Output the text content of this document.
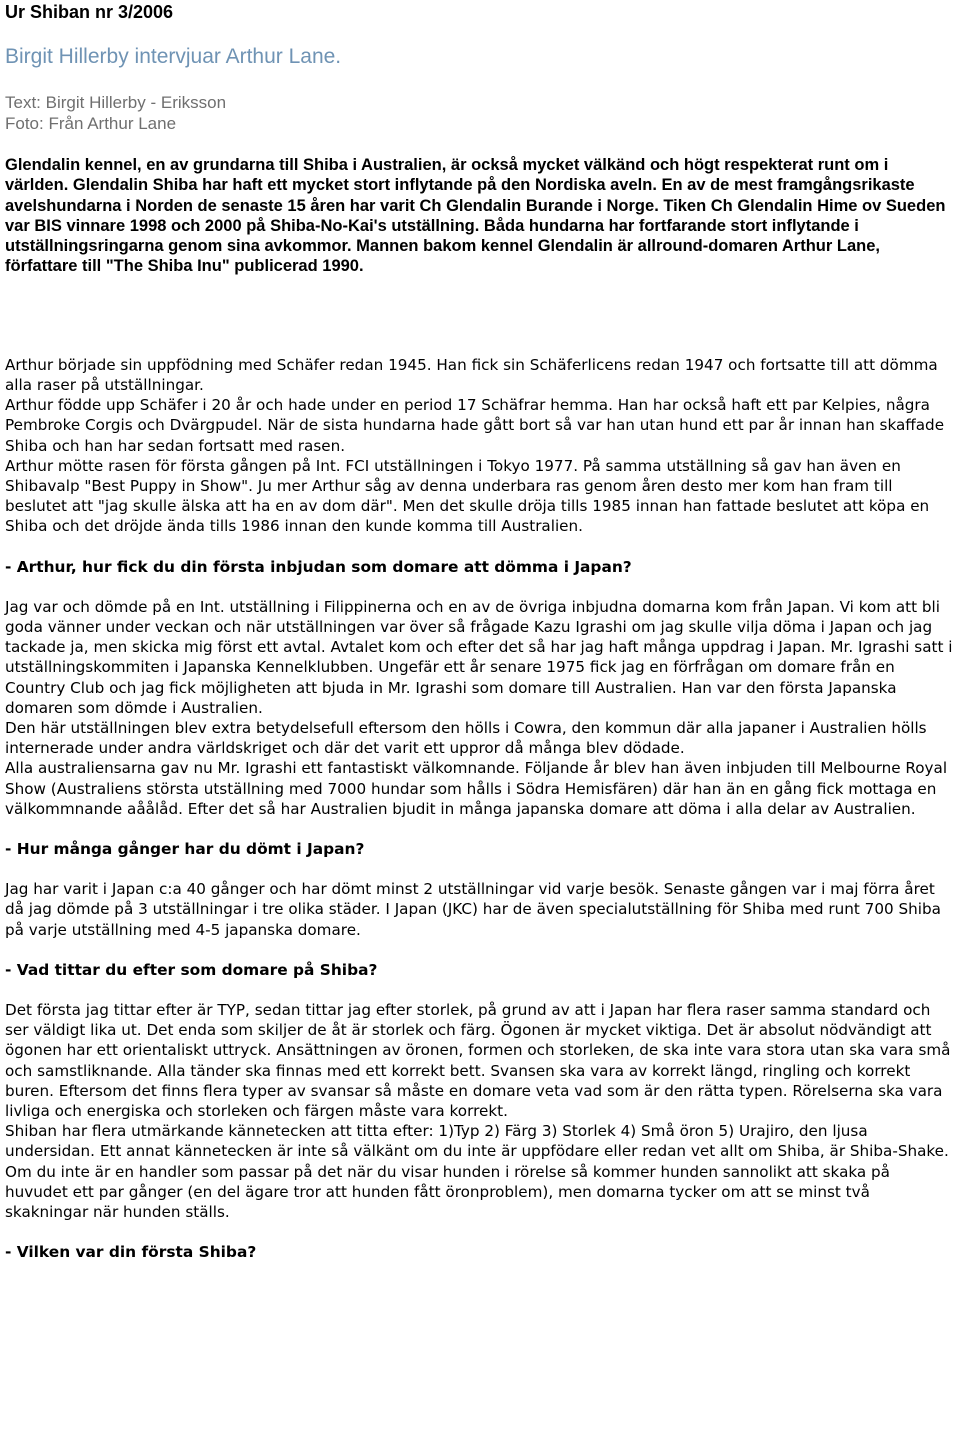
Ur Shiban nr 3/2006

Birgit Hillerby intervjuar Arthur Lane.
Text: Birgit Hillerby - Eriksson
Foto: Från Arthur Lane

Glendalin kennel, en av grundarna till Shiba i Australien, är också mycket välkänd och högt respekterat runt om i världen. Glendalin Shiba har haft ett mycket stort inflytande på den Nordiska aveln. En av de mest framgångsrikaste avelshundarna i Norden de senaste 15 åren har varit Ch Glendalin Burande i Norge. Tiken Ch Glendalin Hime ov Sueden var BIS vinnare 1998 och 2000 på Shiba-No-Kai's utställning. Båda hundarna har fortfarande stort inflytande i utställningsringarna genom sina avkommor. Mannen bakom kennel Glendalin är allround-domaren Arthur Lane, författare till "The Shiba Inu" publicerad 1990.

Arthur började sin uppfödning med Schäfer redan 1945. Han fick sin Schäferlicens redan 1947 och fortsatte till att dömma alla raser på utställningar.

Arthur födde upp Schäfer i 20 år och hade under en period 17 Schäfrar hemma. Han har också haft ett par Kelpies, några Pembroke Corgis och Dvärgpudel. När de sista hundarna hade gått bort så var han utan hund ett par år innan han skaffade Shiba och han har sedan fortsatt med rasen.

Arthur mötte rasen för första gången på Int. FCI utställningen i Tokyo 1977. På samma utställning så gav han även en Shibavalp "Best Puppy in Show". Ju mer Arthur såg av denna underbara ras genom åren desto mer kom han fram till beslutet att "jag skulle älska att ha en av dom där". Men det skulle dröja tills 1985 innan han fattade beslutet att köpa en Shiba och det dröjde ända tills 1986 innan den kunde komma till Australien.

- Arthur, hur fick du din första inbjudan som domare att dömma i Japan?

Jag var och dömde på en Int. utställning i Filippinerna och en av de övriga inbjudna domarna kom från Japan. Vi kom att bli goda vänner under veckan och när utställningen var över så frågade Kazu Igrashi om jag skulle vilja döma i Japan och jag tackade ja, men skicka mig först ett avtal. Avtalet kom och efter det så har jag haft många uppdrag i Japan. Mr. Igrashi satt i utställningskommiten i Japanska Kennelklubben. Ungefär ett år senare 1975 fick jag en förfrågan om domare från en Country Club och jag fick möjligheten att bjuda in Mr. Igrashi som domare till Australien. Han var den första Japanska domaren som dömde i Australien.

Den här utställningen blev extra betydelsefull eftersom den hölls i Cowra, den kommun där alla japaner i Australien hölls internerade under andra världskriget och där det varit ett uppror då många blev dödade.

Alla australiensarna gav nu Mr. Igrashi ett fantastiskt välkomnande. Följande år blev han även inbjuden till Melbourne Royal Show (Australiens största utställning med 7000 hundar som hålls i Södra Hemisfären) där han än en gång fick mottaga en välkommnande aåålåd. Efter det så har Australien bjudit in många japanska domare att döma i alla delar av Australien.

- Hur många gånger har du dömt i Japan?

Jag har varit i Japan c:a 40 gånger och har dömt minst 2 utställningar vid varje besök. Senaste gången var i maj förra året då jag dömde på 3 utställningar i tre olika städer. I Japan (JKC) har de även specialutställning för Shiba med runt 700 Shiba på varje utställning med 4-5 japanska domare.

- Vad tittar du efter som domare på Shiba?

Det första jag tittar efter är TYP, sedan tittar jag efter storlek, på grund av att i Japan har flera raser samma standard och ser väldigt lika ut. Det enda som skiljer de åt är storlek och färg. Ögonen är mycket viktiga. Det är absolut nödvändigt att ögonen har ett orientaliskt uttryck. Ansättningen av öronen, formen och storleken, de ska inte vara stora utan ska vara små och samstliknande. Alla tänder ska finnas med ett korrekt bett. Svansen ska vara av korrekt längd, ringling och korrekt buren. Eftersom det finns flera typer av svansar så måste en domare veta vad som är den rätta typen. Rörelserna ska vara livliga och energiska och storleken och färgen måste vara korrekt.

Shiban har flera utmärkande kännetecken att titta efter: 1)Typ 2) Färg 3) Storlek 4) Små öron 5) Urajiro, den ljusa undersidan. Ett annat kännetecken är inte så välkänt om du inte är uppfödare eller redan vet allt om Shiba, är Shiba-Shake.

Om du inte är en handler som passar på det när du visar hunden i rörelse så kommer hunden sannolikt att skaka på huvudet ett par gånger (en del ägare tror att hunden fått öronproblem), men domarna tycker om att se minst två skakningar när hunden ställs.

- Vilken var din första Shiba?
